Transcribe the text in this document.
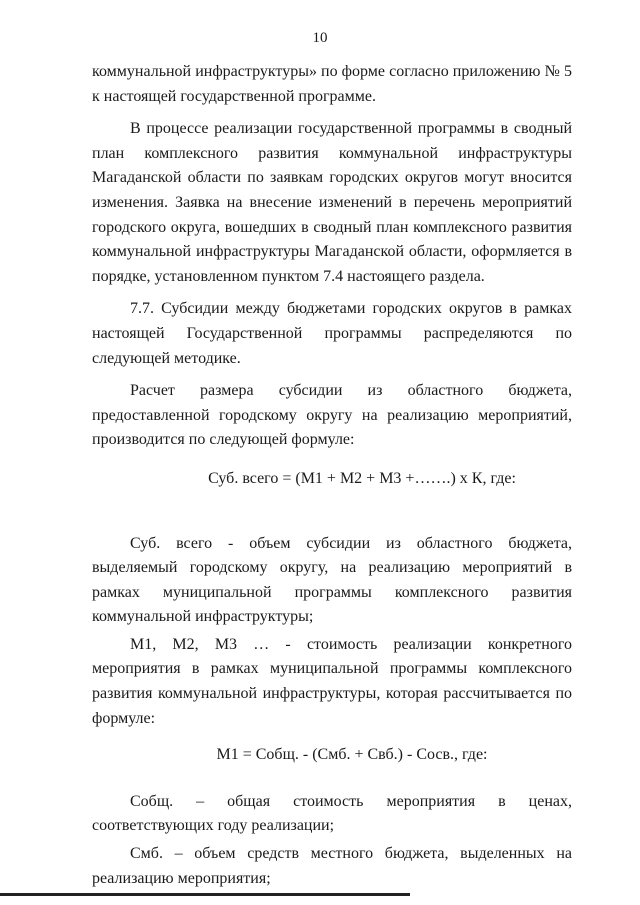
10

коммунальной инфраструктуры» по форме согласно приложению № 5 к настоящей государственной программе.

В процессе реализации государственной программы в сводный план комплексного развития коммунальной инфраструктуры Магаданской области по заявкам городских округов могут вносится изменения. Заявка на внесение изменений в перечень мероприятий городского округа, вошедших в сводный план комплексного развития коммунальной инфраструктуры Магаданской области, оформляется в порядке, установленном пунктом 7.4 настоящего раздела.

7.7. Субсидии между бюджетами городских округов в рамках настоящей Государственной программы распределяются по следующей методике.

Расчет размера субсидии из областного бюджета, предоставленной городскому округу на реализацию мероприятий, производится по следующей формуле:

Суб. всего = (М1 + М2 + М3 +…….) х К, где:

Суб. всего - объем субсидии из областного бюджета, выделяемый городскому округу, на реализацию мероприятий в рамках муниципальной программы комплексного развития коммунальной инфраструктуры;

М1, М2, М3 … - стоимость реализации конкретного мероприятия в рамках муниципальной программы комплексного развития коммунальной инфраструктуры, которая рассчитывается по формуле:

М1 = Собщ. - (Смб. + Свб.) - Сосв., где:

Собщ. – общая стоимость мероприятия в ценах, соответствующих году реализации;

Смб. – объем средств местного бюджета, выделенных на реализацию мероприятия;
